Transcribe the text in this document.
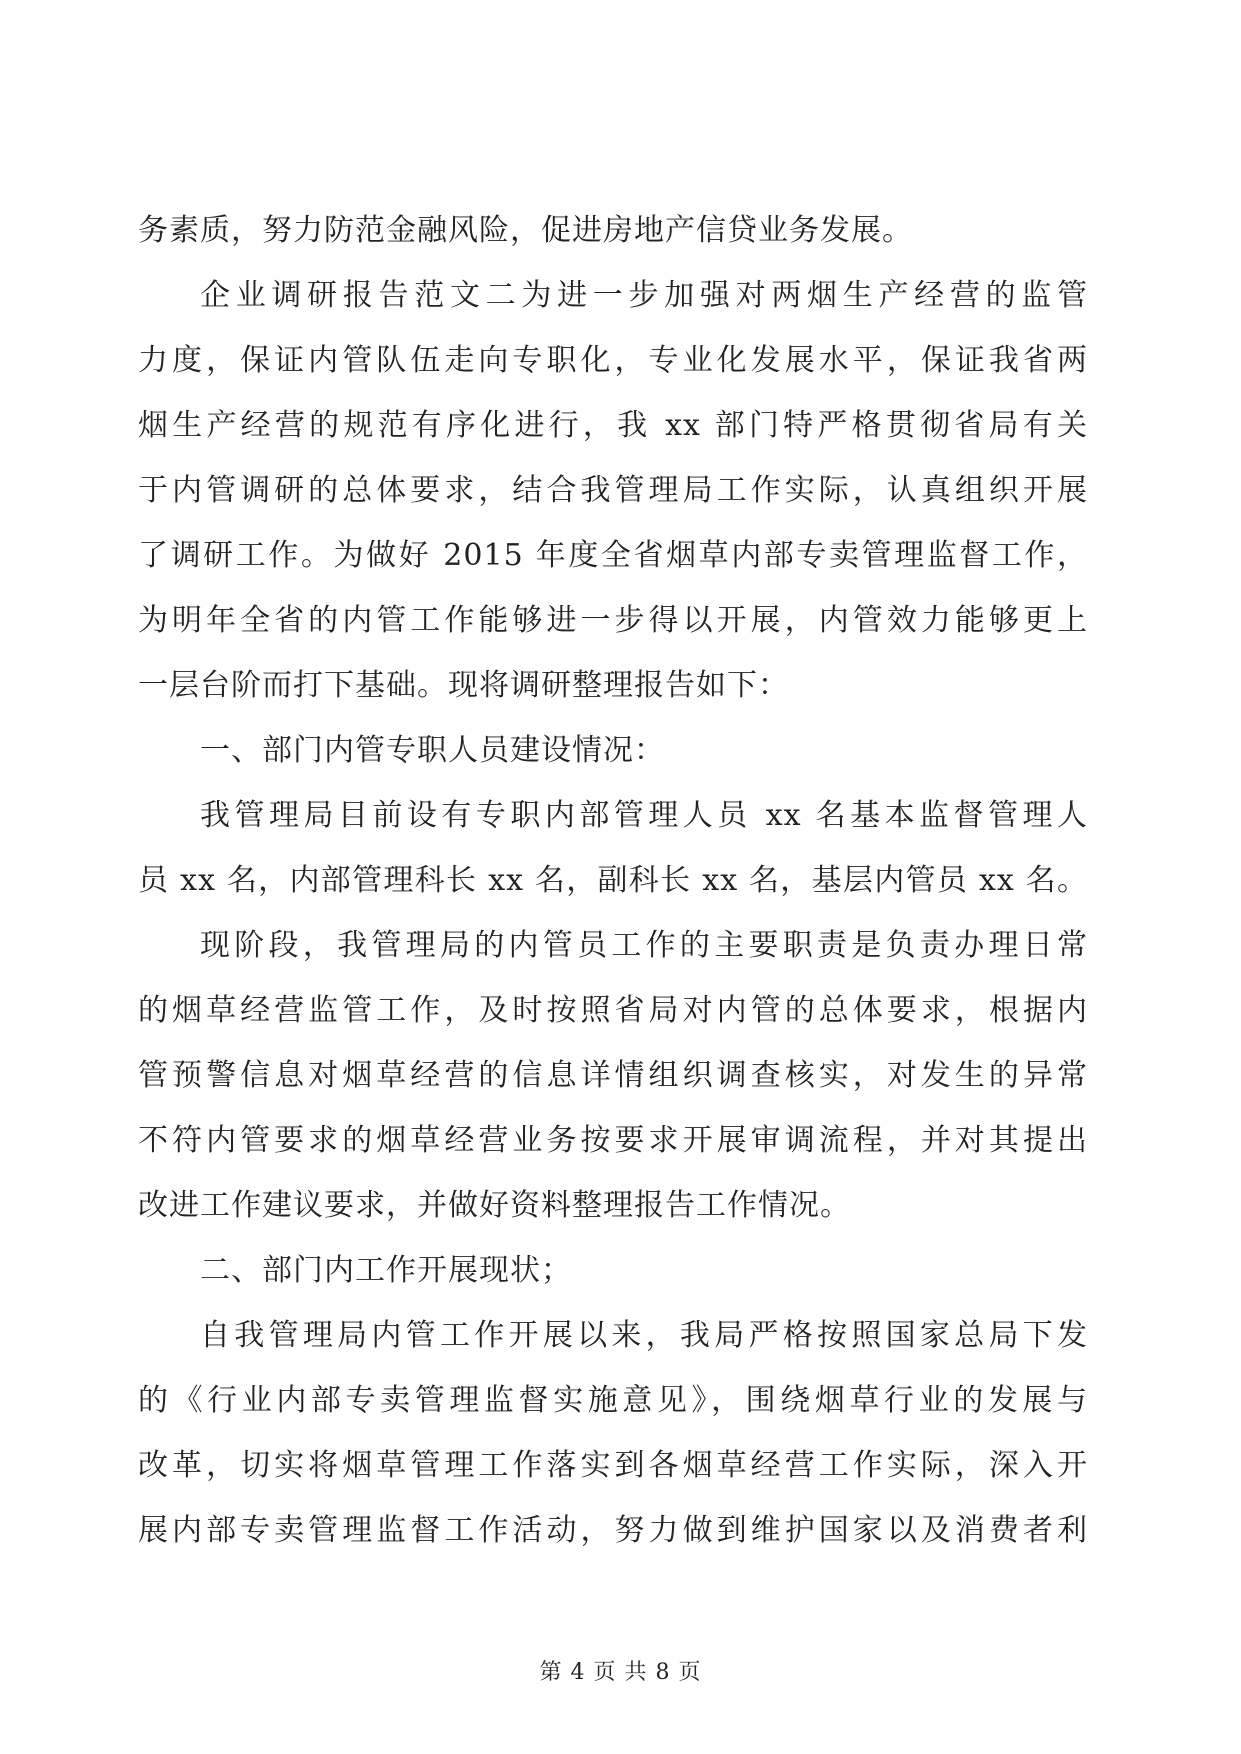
务素质，努力防范金融风险，促进房地产信贷业务发展。
企业调研报告范文二为进一步加强对两烟生产经营的监管
力度，保证内管队伍走向专职化，专业化发展水平，保证我省两
烟生产经营的规范有序化进行，我 xx 部门特严格贯彻省局有关
于内管调研的总体要求，结合我管理局工作实际，认真组织开展
了调研工作。为做好 2015 年度全省烟草内部专卖管理监督工作，
为明年全省的内管工作能够进一步得以开展，内管效力能够更上
一层台阶而打下基础。现将调研整理报告如下：
一、部门内管专职人员建设情况：
我管理局目前设有专职内部管理人员 xx 名基本监督管理人
员 xx 名，内部管理科长 xx 名，副科长 xx 名，基层内管员 xx 名。
现阶段，我管理局的内管员工作的主要职责是负责办理日常
的烟草经营监管工作，及时按照省局对内管的总体要求，根据内
管预警信息对烟草经营的信息详情组织调查核实，对发生的异常
不符内管要求的烟草经营业务按要求开展审调流程，并对其提出
改进工作建议要求，并做好资料整理报告工作情况。
二、部门内工作开展现状；
自我管理局内管工作开展以来，我局严格按照国家总局下发
的《行业内部专卖管理监督实施意见》，围绕烟草行业的发展与
改革，切实将烟草管理工作落实到各烟草经营工作实际，深入开
展内部专卖管理监督工作活动，努力做到维护国家以及消费者利
第 4 页 共 8 页
